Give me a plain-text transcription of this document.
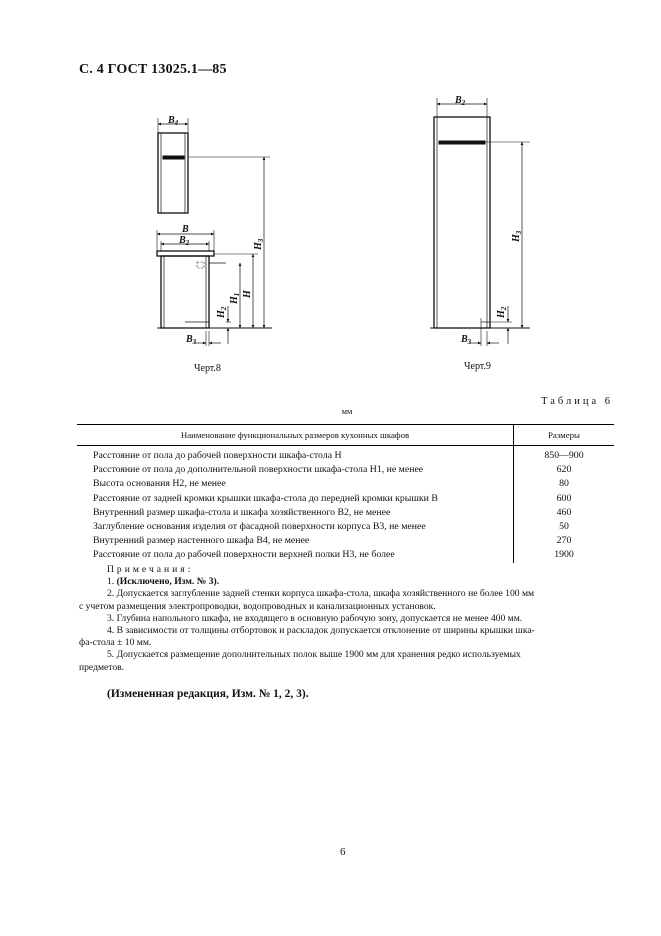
С. 4 ГОСТ 13025.1—85
$B_4$
B
$B_2$	$H_3$
H
$H_1$
$H_2$
$B_3$
Черт.8
$B_2$
$H_3$
$H_2$
$B_3$
Черт.9
Таблица 6
мм
Наименование функциональных размеров кухонных шкафов	Размеры
Расстояние от пола до рабочей поверхности шкафа-стола H	850—900
Расстояние от пола до дополнительной поверхности шкафа-стола H1, не менее	620
Высота основания H2, не менее	80
Расстояние от задней кромки крышки шкафа-стола до передней кромки крышки B	600
Внутренний размер шкафа-стола и шкафа хозяйственного B2, не менее	460
Заглубление основания изделия от фасадной поверхности корпуса B3, не менее	50
Внутренний размер настенного шкафа B4, не менее	270
Расстояние от пола до рабочей поверхности верхней полки H3, не более	1900
Примечания:
1. (Исключено, Изм. № 3).
2. Допускается заглубление задней стенки корпуса шкафа-стола, шкафа хозяйственного не более 100 мм
с учетом размещения электропроводки, водопроводных и канализационных установок.
3. Глубина напольного шкафа, не входящего в основную рабочую зону, допускается не менее 400 мм.
4. В зависимости от толщины отбортовок и раскладок допускается отклонение от ширины крышки шка-
фа-стола ± 10 мм.
5. Допускается размещение дополнительных полок выше 1900 мм для хранения редко используемых
предметов.
(Измененная редакция, Изм. № 1, 2, 3).
6
